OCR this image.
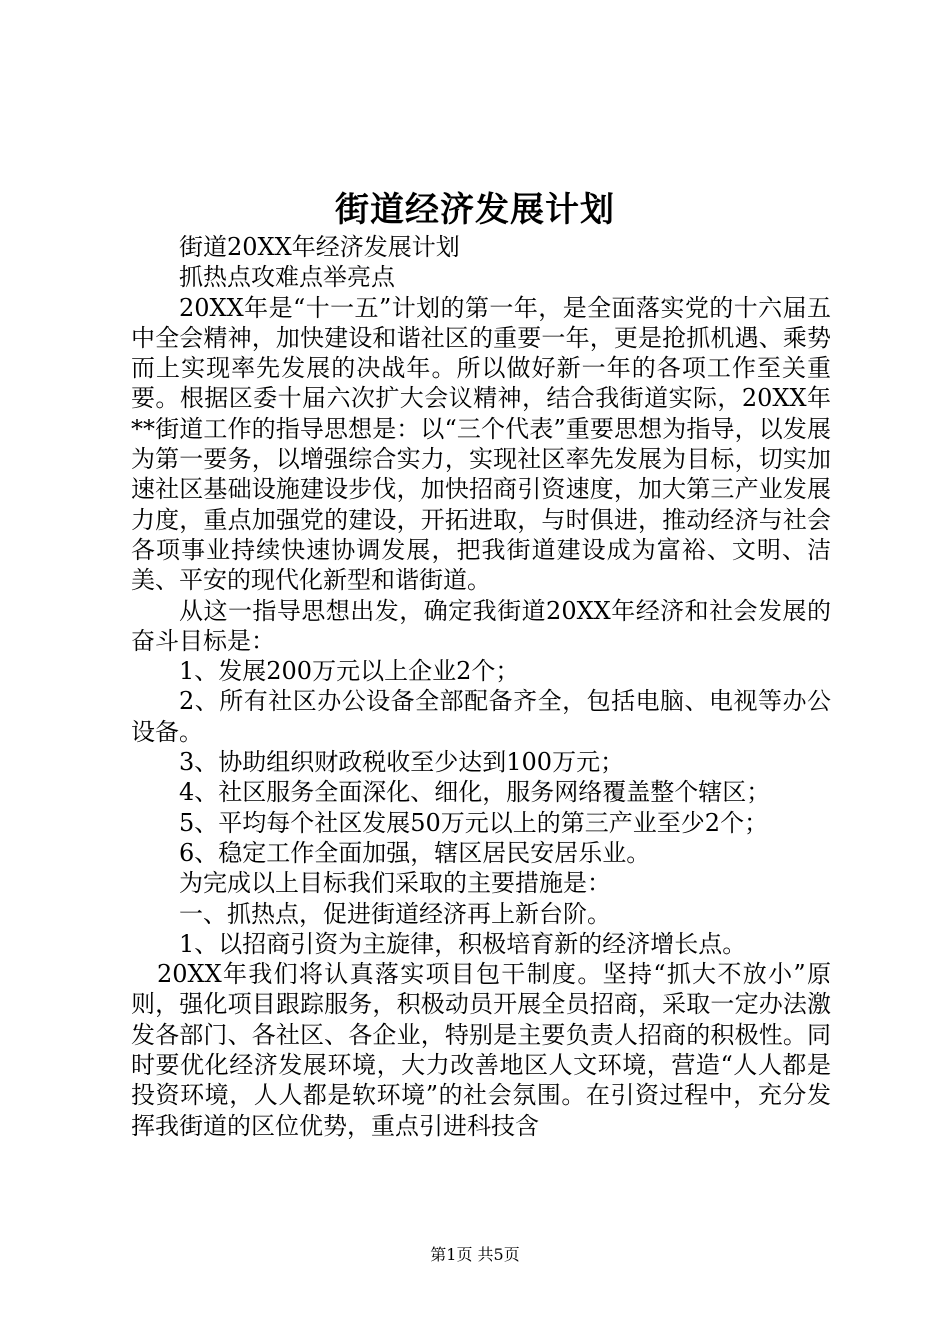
街道经济发展计划

街道20XX年经济发展计划

抓热点攻难点举亮点

20XX年是“十一五”计划的第一年，是全面落实党的十六届五中全会精神，加快建设和谐社区的重要一年，更是抢抓机遇、乘势而上实现率先发展的决战年。所以做好新一年的各项工作至关重要。根据区委十届六次扩大会议精神，结合我街道实际，20XX年**街道工作的指导思想是：以“三个代表”重要思想为指导，以发展为第一要务，以增强综合实力，实现社区率先发展为目标，切实加速社区基础设施建设步伐，加快招商引资速度，加大第三产业发展力度，重点加强党的建设，开拓进取，与时俱进，推动经济与社会各项事业持续快速协调发展，把我街道建设成为富裕、文明、洁美、平安的现代化新型和谐街道。

从这一指导思想出发，确定我街道20XX年经济和社会发展的奋斗目标是：

1、发展200万元以上企业2个；

2、所有社区办公设备全部配备齐全，包括电脑、电视等办公设备。

3、协助组织财政税收至少达到100万元；

4、社区服务全面深化、细化，服务网络覆盖整个辖区；

5、平均每个社区发展50万元以上的第三产业至少2个；

6、稳定工作全面加强，辖区居民安居乐业。

为完成以上目标我们采取的主要措施是：

一、抓热点，促进街道经济再上新台阶。

1、以招商引资为主旋律，积极培育新的经济增长点。

20XX年我们将认真落实项目包干制度。坚持“抓大不放小”原则，强化项目跟踪服务，积极动员开展全员招商，采取一定办法激发各部门、各社区、各企业，特别是主要负责人招商的积极性。同时要优化经济发展环境，大力改善地区人文环境，营造“人人都是投资环境，人人都是软环境”的社会氛围。在引资过程中，充分发挥我街道的区位优势，重点引进科技含

第1页 共5页
